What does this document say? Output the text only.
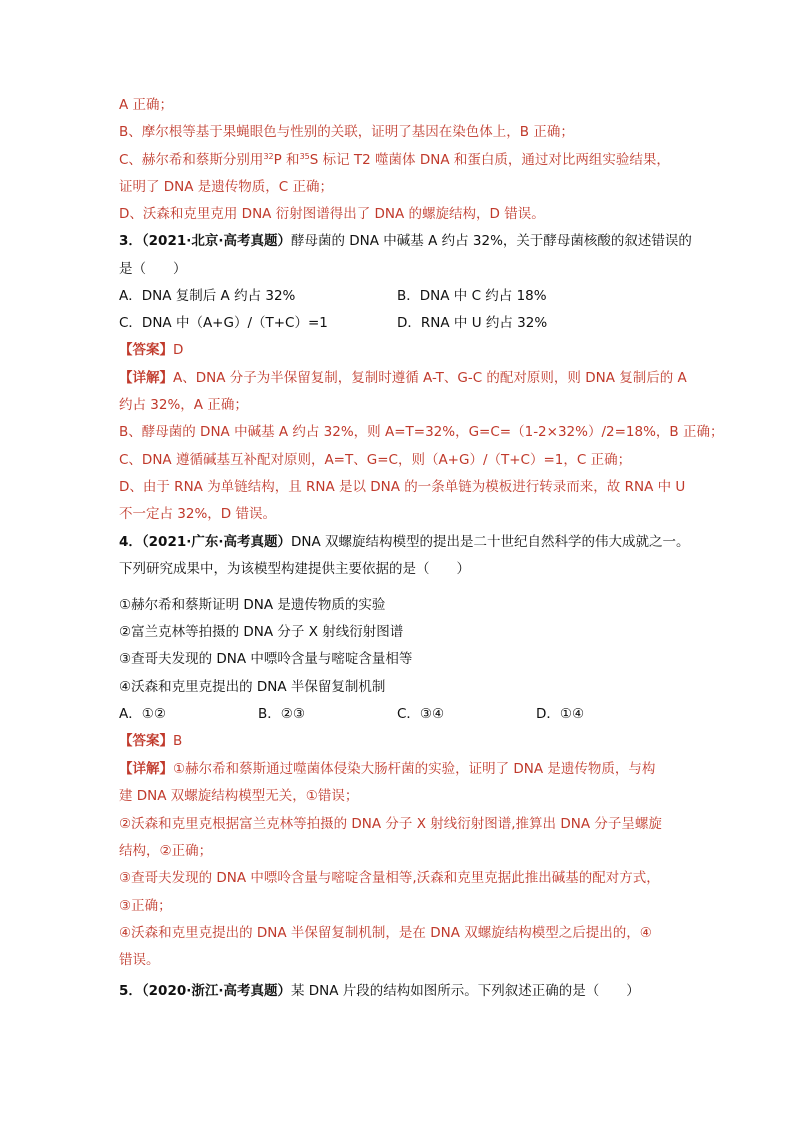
A 正确；
B、摩尔根等基于果蝇眼色与性别的关联，证明了基因在染色体上，B 正确；
C、赫尔希和蔡斯分别用$^{32}$P 和$^{35}$S 标记 T2 噬菌体 DNA 和蛋白质，通过对比两组实验结果，
证明了 DNA 是遗传物质，C 正确；
D、沃森和克里克用 DNA 衍射图谱得出了 DNA 的螺旋结构，D 错误。
3．（2021·北京·高考真题）酵母菌的 DNA 中碱基 A 约占 32%，关于酵母菌核酸的叙述错误的
是（　　）
A．DNA 复制后 A 约占 32%	B．DNA 中 C 约占 18%
C．DNA 中（A+G）/（T+C）=1	D．RNA 中 U 约占 32%
【答案】D
【详解】A、DNA 分子为半保留复制，复制时遵循 A-T、G-C 的配对原则，则 DNA 复制后的 A
约占 32%，A 正确；
B、酵母菌的 DNA 中碱基 A 约占 32%，则 A=T=32%，G=C=（1-2×32%）/2=18%，B 正确；
C、DNA 遵循碱基互补配对原则，A=T、G=C，则（A+G）/（T+C）=1，C 正确；
D、由于 RNA 为单链结构，且 RNA 是以 DNA 的一条单链为模板进行转录而来，故 RNA 中 U
不一定占 32%，D 错误。
4．（2021·广东·高考真题）DNA 双螺旋结构模型的提出是二十世纪自然科学的伟大成就之一。
下列研究成果中，为该模型构建提供主要依据的是（　　）
①赫尔希和蔡斯证明 DNA 是遗传物质的实验
②富兰克林等拍摄的 DNA 分子 X 射线衍射图谱
③查哥夫发现的 DNA 中嘌呤含量与嘧啶含量相等
④沃森和克里克提出的 DNA 半保留复制机制
A．①②	B．②③	C．③④	D．①④
【答案】B
【详解】①赫尔希和蔡斯通过噬菌体侵染大肠杆菌的实验，证明了 DNA 是遗传物质，与构
建 DNA 双螺旋结构模型无关，①错误；
②沃森和克里克根据富兰克林等拍摄的 DNA 分子 X 射线衍射图谱,推算出 DNA 分子呈螺旋
结构，②正确；
③查哥夫发现的 DNA 中嘌呤含量与嘧啶含量相等,沃森和克里克据此推出碱基的配对方式，
③正确；
④沃森和克里克提出的 DNA 半保留复制机制，是在 DNA 双螺旋结构模型之后提出的，④
错误。
5．（2020·浙江·高考真题）某 DNA 片段的结构如图所示。下列叙述正确的是（　　）
